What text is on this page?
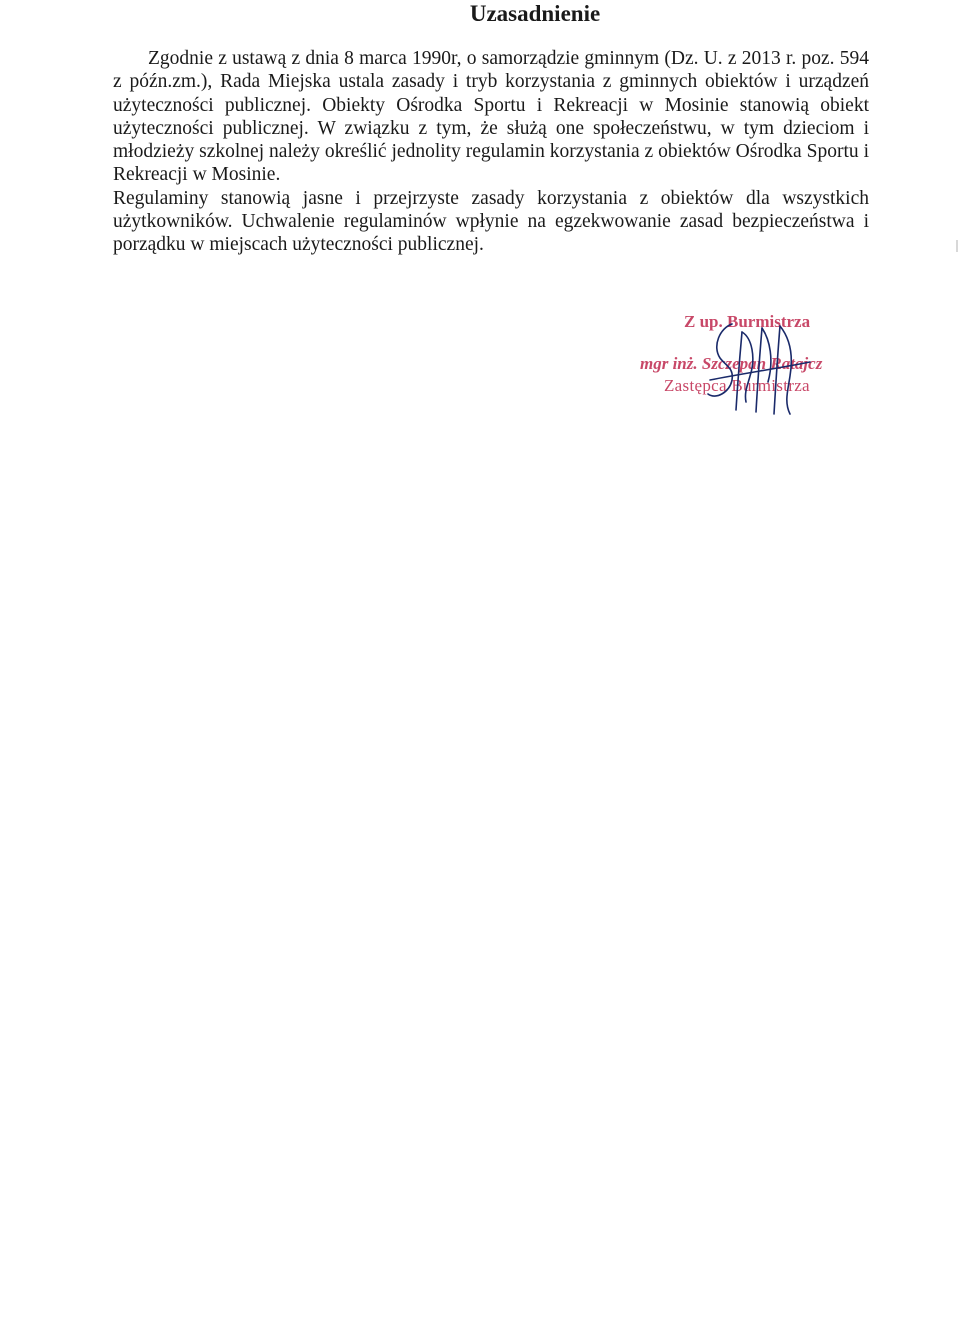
Uzasadnienie

Zgodnie z ustawą z dnia 8 marca 1990r, o samorządzie gminnym (Dz. U. z 2013 r. poz. 594 z późn.zm.), Rada Miejska ustala zasady i tryb korzystania z gminnych obiektów i urządzeń użyteczności publicznej. Obiekty Ośrodka Sportu i Rekreacji w Mosinie stanowią obiekt użyteczności publicznej. W związku z tym, że służą one społeczeństwu, w tym dzieciom i młodzieży szkolnej należy określić jednolity regulamin korzystania z obiektów Ośrodka Sportu i Rekreacji w Mosinie.

Regulaminy stanowią jasne i przejrzyste zasady korzystania z obiektów dla wszystkich użytkowników. Uchwalenie regulaminów wpłynie na egzekwowanie zasad bezpieczeństwa i porządku w miejscach użyteczności publicznej.

Z up. Burmistrza
mgr inż. Szczepan Ratajcz
Zastępca Burmistrza
